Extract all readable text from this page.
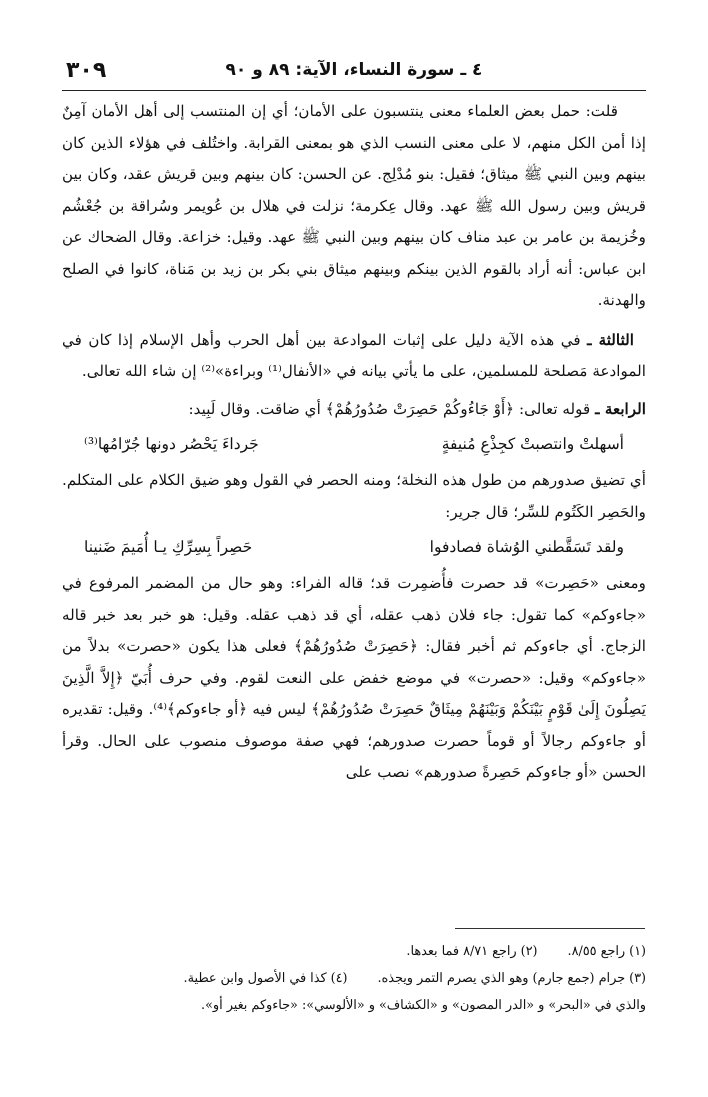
٣٠٩	٤ ـ سورة النساء، الآية: ٨٩ و ٩٠

قلت: حمل بعض العلماء معنى ينتسبون على الأمان؛ أي إن المنتسب إلى أهل الأمان آمِنٌ إذا أمن الكل منهم، لا على معنى النسب الذي هو بمعنى القرابة. واختُلف في هؤلاء الذين كان بينهم وبين النبي ﷺ ميثاق؛ فقيل: بنو مُدْلِج. عن الحسن: كان بينهم وبين قريش عقد، وكان بين قريش وبين رسول الله ﷺ عهد. وقال عِكرمة؛ نزلت في هلال بن عُويمر وسُراقة بن جُعْشُم وخُزيمة بن عامر بن عبد مناف كان بينهم وبين النبي ﷺ عهد. وقيل: خزاعة. وقال الضحاك عن ابن عباس: أنه أراد بالقوم الذين بينكم وبينهم ميثاق بني بكر بن زيد بن مَناة، كانوا في الصلح والهدنة.

الثالثة ـ في هذه الآية دليل على إثبات الموادعة بين أهل الحرب وأهل الإسلام إذا كان في الموادعة مَصلحة للمسلمين، على ما يأتي بيانه في «الأنفال⁽¹⁾ وبراءة»⁽²⁾ إن شاء الله تعالى.

الرابعة ـ قوله تعالى: ﴿أَوْ جَاءُوكُمْ حَصِرَتْ صُدُورُهُمْ﴾ أي ضاقت. وقال لَبِيد:

أسهلتْ وانتصبتْ كجِذْعِ مُنيفةٍ
جَرداءَ يَحْصُر دونها جُرّامُها⁽³⁾

أي تضيق صدورهم من طول هذه النخلة؛ ومنه الحصر في القول وهو ضيق الكلام على المتكلم. والحَصِر الكَتُوم للسِّر؛ قال جرير:

ولقد تَسَقَّطني الوُشاة فصادفوا
حَصِراً بِسِرِّكِ يـا أُمَيمَ ضَنينا

ومعنى «حَصِرت» قد حصرت فأُضمِرت قد؛ قاله الفراء: وهو حال من المضمر المرفوع في «جاءوكم» كما تقول: جاء فلان ذهب عقله، أي قد ذهب عقله. وقيل: هو خبر بعد خبر قاله الزجاج. أي جاءوكم ثم أخبر فقال: ﴿حَصِرَتْ صُدُورُهُمْ﴾ فعلى هذا يكون «حصرت» بدلاً من «جاءوكم» وقيل: «حصرت» في موضع خفض على النعت لقوم. وفي حرف أُبَيّ ﴿إِلاَّ الَّذِينَ يَصِلُونَ إِلَىٰ قَوْمٍ بَيْنَكُمْ وَبَيْنَهُمْ مِيثَاقٌ حَصِرَتْ صُدُورُهُمْ﴾ ليس فيه ﴿أو جاءوكم﴾⁽⁴⁾. وقيل: تقديره أو جاءوكم رجالاً أو قوماً حصرت صدورهم؛ فهي صفة موصوف منصوب على الحال. وقرأ الحسن «أو جاءوكم حَصِرةً صدورهم» نصب على

(١) راجع ٨/٥٥.(٢) راجع ٨/٧١ فما بعدها.
(٣) جرام (جمع جارم) وهو الذي يصرم التمر ويجذه.(٤) كذا في الأصول وابن عطية.
والذي في «البحر» و «الدر المصون» و «الكشاف» و «الألوسي»: «جاءوكم بغير أو».
